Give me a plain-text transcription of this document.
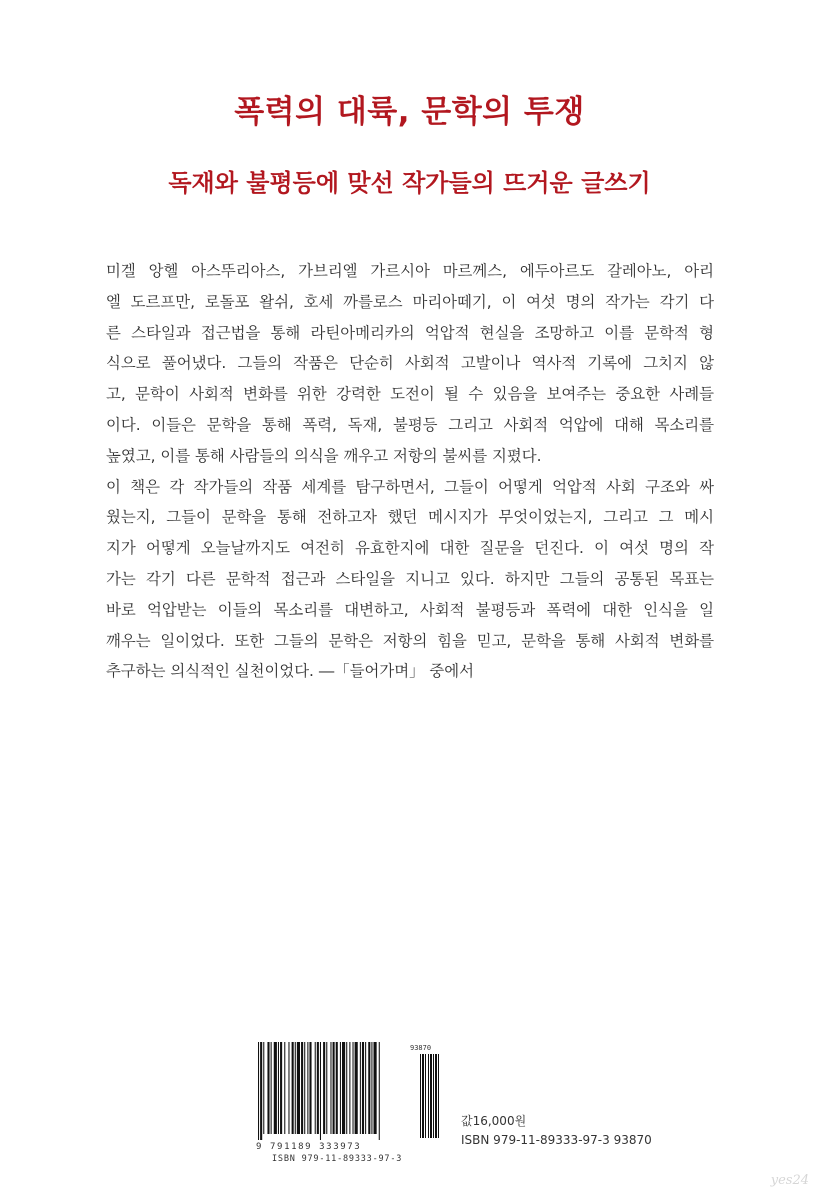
폭력의 대륙, 문학의 투쟁
독재와 불평등에 맞선 작가들의 뜨거운 글쓰기
미겔 앙헬 아스뚜리아스, 가브리엘 가르시아 마르께스, 에두아르도 갈레아노, 아리
엘 도르프만, 로돌포 왈쉬, 호세 까를로스 마리아떼기, 이 여섯 명의 작가는 각기 다
른 스타일과 접근법을 통해 라틴아메리카의 억압적 현실을 조망하고 이를 문학적 형
식으로 풀어냈다. 그들의 작품은 단순히 사회적 고발이나 역사적 기록에 그치지 않
고, 문학이 사회적 변화를 위한 강력한 도전이 될 수 있음을 보여주는 중요한 사례들
이다. 이들은 문학을 통해 폭력, 독재, 불평등 그리고 사회적 억압에 대해 목소리를
높였고, 이를 통해 사람들의 의식을 깨우고 저항의 불씨를 지폈다.
이 책은 각 작가들의 작품 세계를 탐구하면서, 그들이 어떻게 억압적 사회 구조와 싸
웠는지, 그들이 문학을 통해 전하고자 했던 메시지가 무엇이었는지, 그리고 그 메시
지가 어떻게 오늘날까지도 여전히 유효한지에 대한 질문을 던진다. 이 여섯 명의 작
가는 각기 다른 문학적 접근과 스타일을 지니고 있다. 하지만 그들의 공통된 목표는
바로 억압받는 이들의 목소리를 대변하고, 사회적 불평등과 폭력에 대한 인식을 일
깨우는 일이었다. 또한 그들의 문학은 저항의 힘을 믿고, 문학을 통해 사회적 변화를
추구하는 의식적인 실천이었다. ―「들어가며」 중에서
93870
9 791189 333973
ISBN 979-11-89333-97-3
값16,000원
ISBN 979-11-89333-97-3 93870
yes24
